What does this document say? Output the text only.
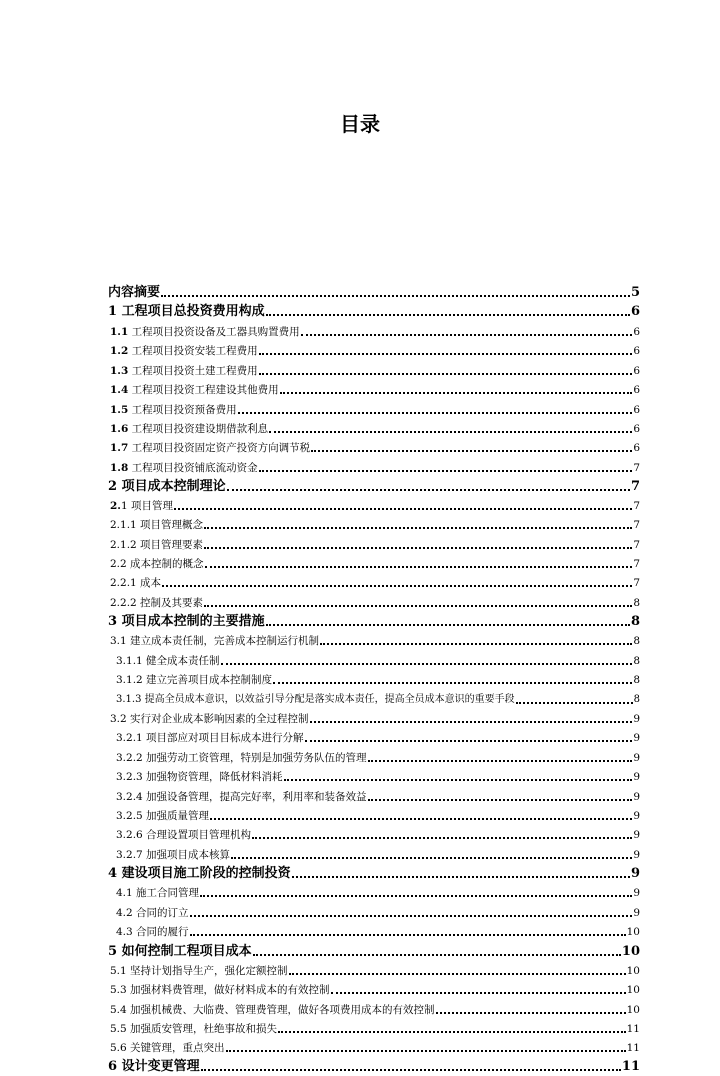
目录
内容摘要	5
1 工程项目总投资费用构成	6
1.1 工程项目投资设备及工器具购置费用	6
1.2 工程项目投资安装工程费用	6
1.3 工程项目投资土建工程费用	6
1.4 工程项目投资工程建设其他费用	6
1.5 工程项目投资预备费用	6
1.6 工程项目投资建设期借款利息	6
1.7 工程项目投资固定资产投资方向调节税	6
1.8 工程项目投资铺底流动资金	7
2 项目成本控制理论	7
2.1 项目管理	7
2.1.1 项目管理概念	7
2.1.2 项目管理要素	7
2.2 成本控制的概念	7
2.2.1 成本	7
2.2.2 控制及其要素	8
3 项目成本控制的主要措施	8
3.1 建立成本责任制，完善成本控制运行机制	8
3.1.1 健全成本责任制	8
3.1.2 建立完善项目成本控制制度	8
3.1.3 提高全员成本意识，以效益引导分配是落实成本责任，提高全员成本意识的重要手段	8
3.2 实行对企业成本影响因素的全过程控制	9
3.2.1 项目部应对项目目标成本进行分解	9
3.2.2 加强劳动工资管理，特别是加强劳务队伍的管理	9
3.2.3 加强物资管理，降低材料消耗	9
3.2.4 加强设备管理，提高完好率，利用率和装备效益	9
3.2.5 加强质量管理	9
3.2.6 合理设置项目管理机构	9
3.2.7 加强项目成本核算	9
4 建设项目施工阶段的控制投资	9
4.1 施工合同管理	9
4.2 合同的订立	9
4.3 合同的履行	10
5 如何控制工程项目成本	10
5.1 坚持计划指导生产，强化定额控制	10
5.3 加强材料费管理，做好材料成本的有效控制	10
5.4 加强机械费、大临费、管理费管理，做好各项费用成本的有效控制	10
5.5 加强质安管理，杜绝事故和损失	11
5.6 关键管理，重点突出	11
6 设计变更管理	11
